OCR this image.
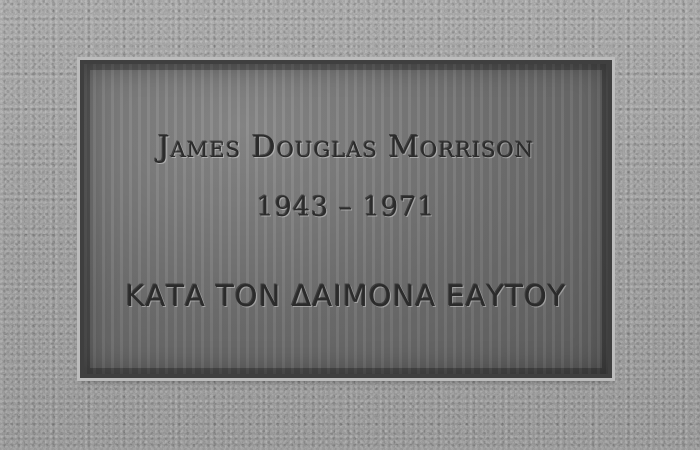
James Douglas Morrison
1943 – 1971
ΚΑΤΑ ΤΟΝ ΔΑΙΜΟΝΑ ΕΑΥΤΟΥ
